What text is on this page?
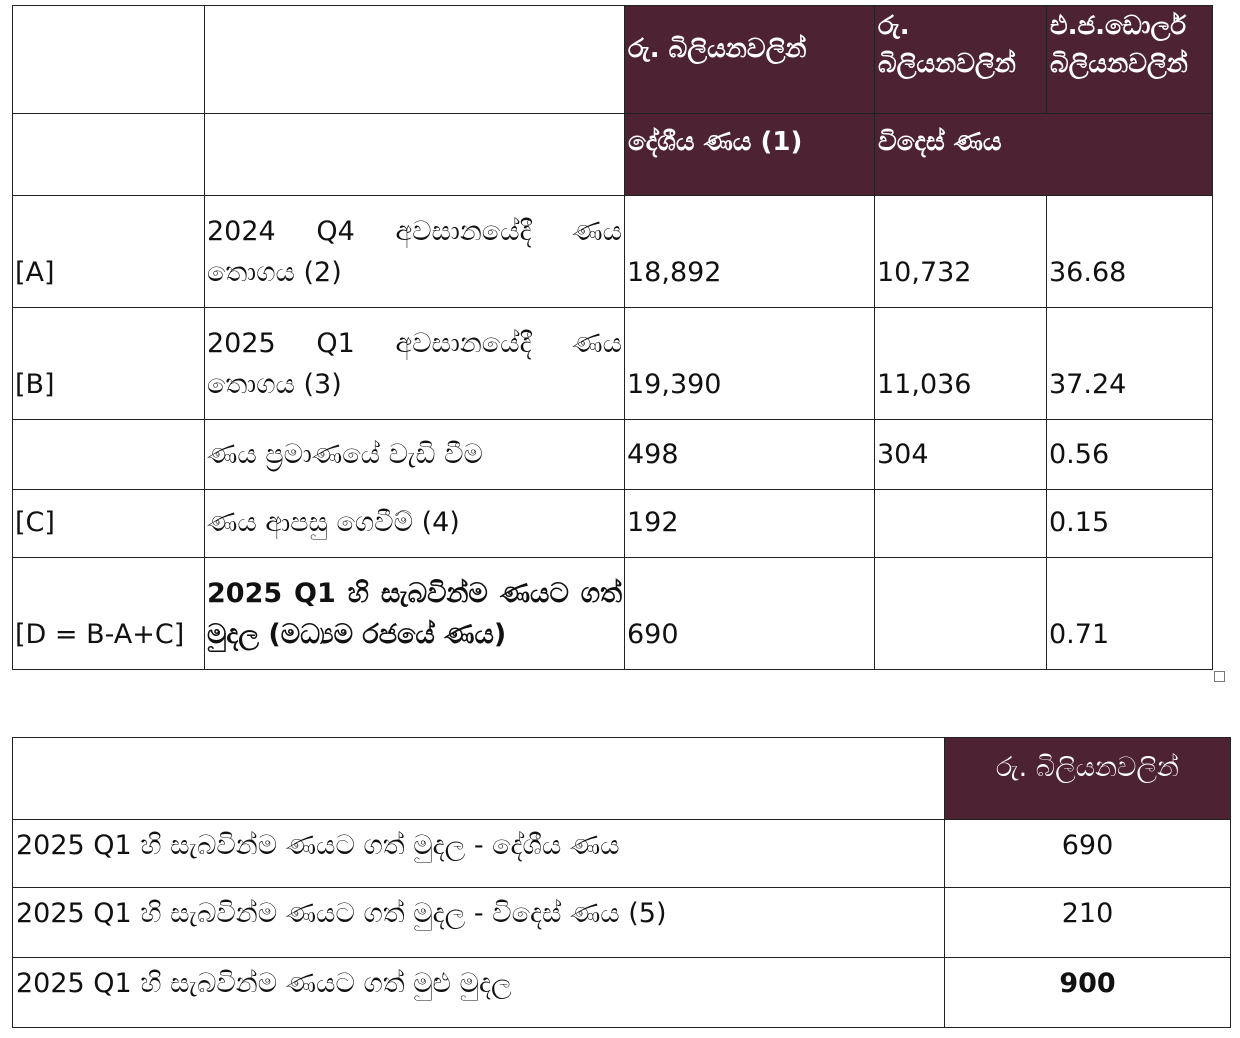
		රු. බිලියනවලින්	රු. බිලියනවලින්	එ.ජ.ඩොලර් බිලියනවලින්
		දේශීය ණය (1)	විදෙස් ණය	
[A]	2024 Q4 අවසානයේදී ණය තොගය (2)	18,892	10,732	36.68
[B]	2025 Q1 අවසානයේදී ණය තොගය (3)	19,390	11,036	37.24
	ණය ප්‍රමාණයේ වැඩි වීම	498	304	0.56
[C]	ණය ආපසු ගෙවීම් (4)	192		0.15
[D = B-A+C]	2025 Q1 හි සැබවින්ම ණයට ගත් මුදල (මධ්‍යම රජයේ ණය)	690		0.71
	රු. බිලියනවලින්
2025 Q1 හි සැබවින්ම ණයට ගත් මුදල - දේශීය ණය	690
2025 Q1 හි සැබවින්ම ණයට ගත් මුදල - විදෙස් ණය (5)	210
2025 Q1 හි සැබවින්ම ණයට ගත් මුළු මුදල	900
